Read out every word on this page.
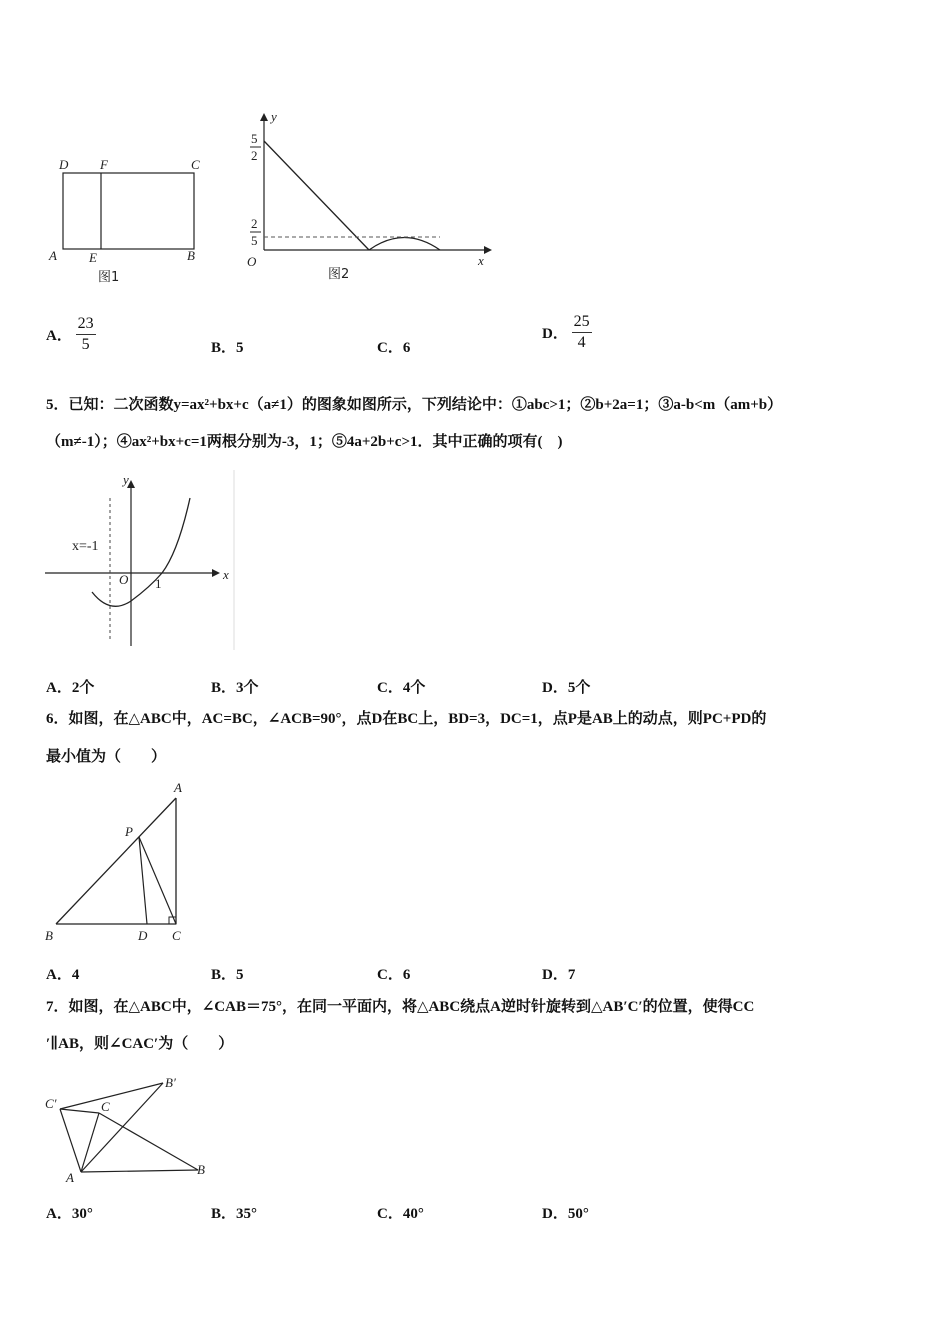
D F	C
A E	B
图1
y
x
O
5
2
2
5
图2
A． $\frac{23}{5}$	B．5	C．6
D． $\frac{25}{4}$
5．已知：二次函数y=ax²+bx+c（a≠1）的图象如图所示，下列结论中：①abc>1；②b+2a=1；③a-b<m（am+b）
（m≠-1）；④ax²+bx+c=1两根分别为-3，1；⑤4a+2b+c>1．其中正确的项有(　)
y
x
O 1
x=-1
A．2个	B．3个	C．4个	D．5个
6．如图，在△ABC中，AC=BC，∠ACB=90°，点D在BC上，BD=3，DC=1，点P是AB上的动点，则PC+PD的
最小值为（　　）
A
P
B	D C
A．4	B．5	C．6	D．7
7．如图，在△ABC中，∠CAB＝75°，在同一平面内，将△ABC绕点A逆时针旋转到△AB′C′的位置，使得CC
′∥AB，则∠CAC′为（　　）
C′	C
B′
A
B
A．30°	B．35°	C．40°	D．50°
